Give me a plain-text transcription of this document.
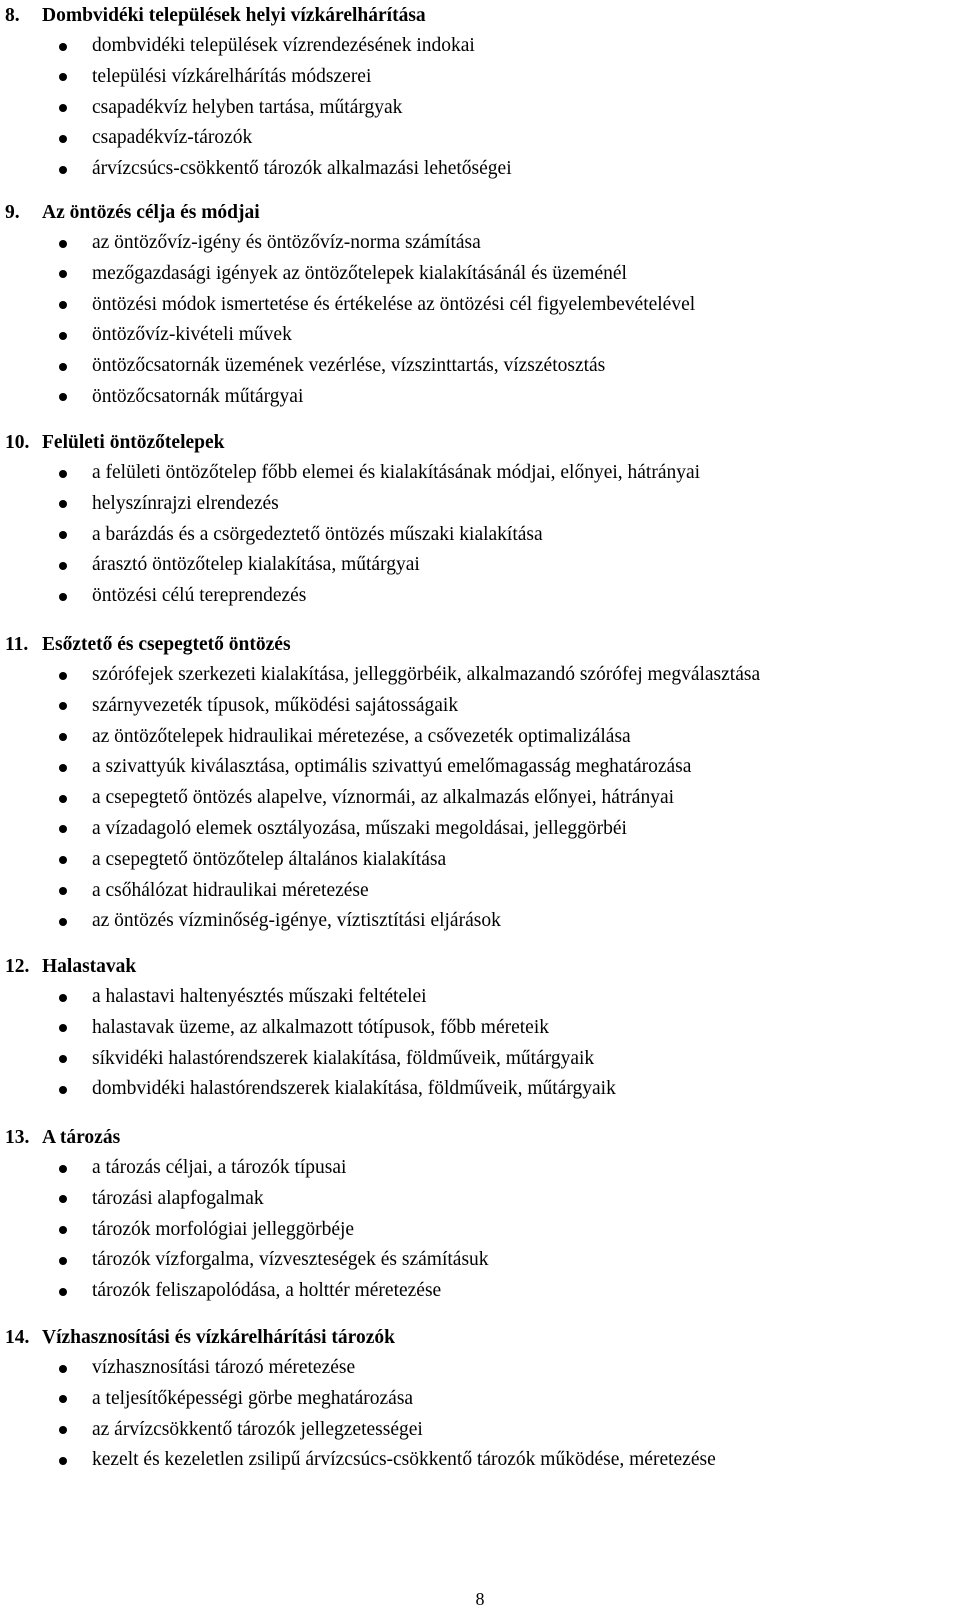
8. Dombvidéki települések helyi vízkárelhárítása
dombvidéki települések vízrendezésének indokai
települési vízkárelhárítás módszerei
csapadékvíz helyben tartása, műtárgyak
csapadékvíz-tározók
árvízcsúcs-csökkentő tározók alkalmazási lehetőségei
9. Az öntözés célja és módjai
az öntözővíz-igény és öntözővíz-norma számítása
mezőgazdasági igények az öntözőtelepek kialakításánál és üzeménél
öntözési módok ismertetése és értékelése az öntözési cél figyelembevételével
öntözővíz-kivételi művek
öntözőcsatornák üzemének vezérlése, vízszinttartás, vízszétosztás
öntözőcsatornák műtárgyai
10. Felületi öntözőtelepek
a felületi öntözőtelep főbb elemei és kialakításának módjai, előnyei, hátrányai
helyszínrajzi elrendezés
a barázdás és a csörgedeztető öntözés műszaki kialakítása
árasztó öntözőtelep kialakítása, műtárgyai
öntözési célú tereprendezés
11. Esőztető és csepegtető öntözés
szórófejek szerkezeti kialakítása, jelleggörbéik, alkalmazandó szórófej megválasztása
szárnyvezeték típusok, működési sajátosságaik
az öntözőtelepek hidraulikai méretezése, a csővezeték optimalizálása
a szivattyúk kiválasztása, optimális szivattyú emelőmagasság meghatározása
a csepegtető öntözés alapelve, víznormái, az alkalmazás előnyei, hátrányai
a vízadagoló elemek osztályozása, műszaki megoldásai, jelleggörbéi
a csepegtető öntözőtelep általános kialakítása
a csőhálózat hidraulikai méretezése
az öntözés vízminőség-igénye, víztisztítási eljárások
12. Halastavak
a halastavi haltenyésztés műszaki feltételei
halastavak üzeme, az alkalmazott tótípusok, főbb méreteik
síkvidéki halastórendszerek kialakítása, földműveik, műtárgyaik
dombvidéki halastórendszerek kialakítása, földműveik, műtárgyaik
13. A tározás
a tározás céljai, a tározók típusai
tározási alapfogalmak
tározók morfológiai jelleggörbéje
tározók vízforgalma, vízveszteségek és számításuk
tározók feliszapolódása, a holttér méretezése
14. Vízhasznosítási és vízkárelhárítási tározók
vízhasznosítási tározó méretezése
a teljesítőképességi görbe meghatározása
az árvízcsökkentő tározók jellegzetességei
kezelt és kezeletlen zsilipű árvízcsúcs-csökkentő tározók működése, méretezése
8
